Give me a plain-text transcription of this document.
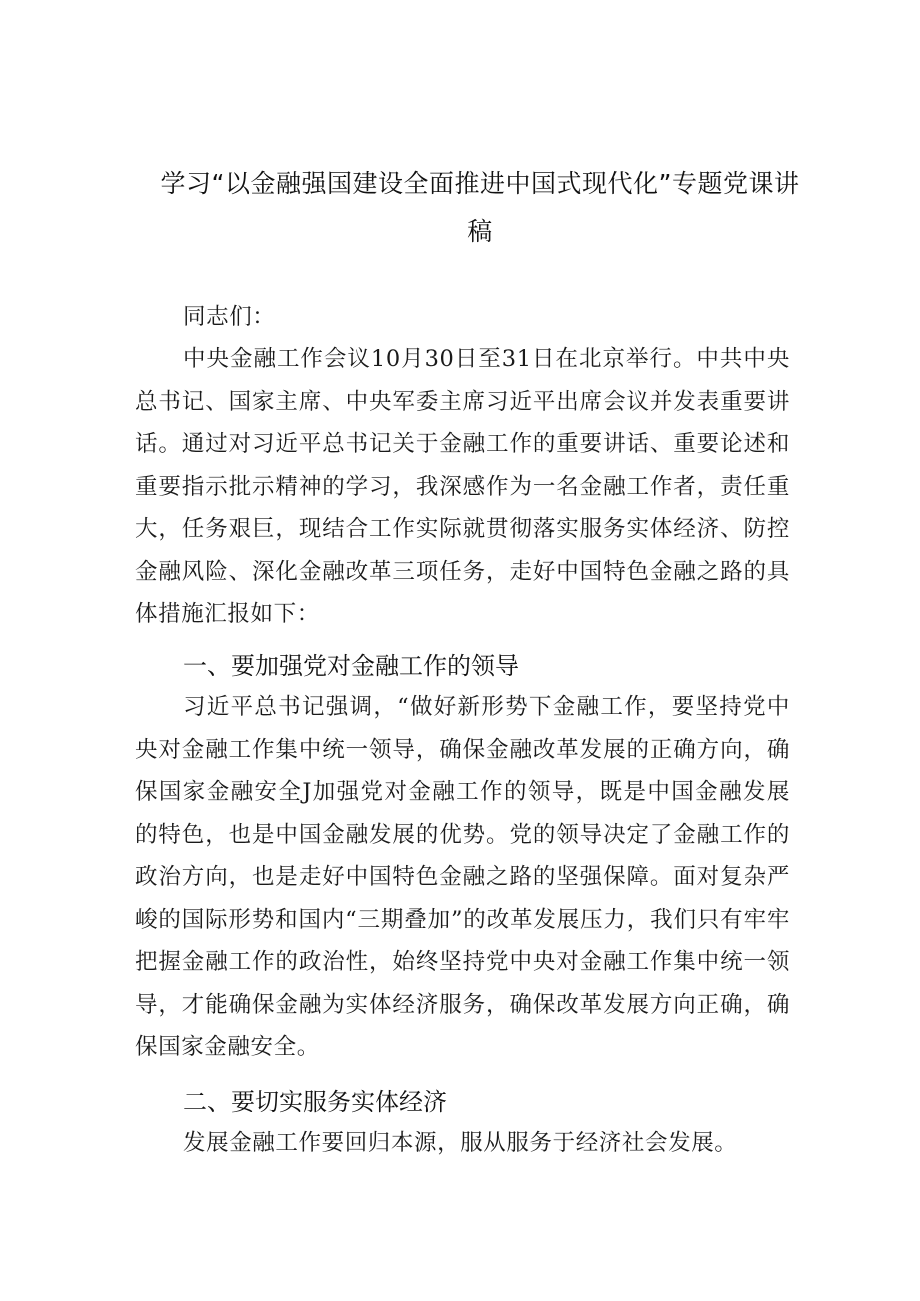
学习“以金融强国建设全面推进中国式现代化”专题党课讲稿
同志们：
中央金融工作会议10月30日至31日在北京举行。中共中央总书记、国家主席、中央军委主席习近平出席会议并发表重要讲话。通过对习近平总书记关于金融工作的重要讲话、重要论述和重要指示批示精神的学习，我深感作为一名金融工作者，责任重大，任务艰巨，现结合工作实际就贯彻落实服务实体经济、防控金融风险、深化金融改革三项任务，走好中国特色金融之路的具体措施汇报如下：
一、要加强党对金融工作的领导
习近平总书记强调，“做好新形势下金融工作，要坚持党中央对金融工作集中统一领导，确保金融改革发展的正确方向，确保国家金融安全J加强党对金融工作的领导，既是中国金融发展的特色，也是中国金融发展的优势。党的领导决定了金融工作的政治方向，也是走好中国特色金融之路的坚强保障。面对复杂严峻的国际形势和国内“三期叠加”的改革发展压力，我们只有牢牢把握金融工作的政治性，始终坚持党中央对金融工作集中统一领导，才能确保金融为实体经济服务，确保改革发展方向正确，确保国家金融安全。
二、要切实服务实体经济
发展金融工作要回归本源，服从服务于经济社会发展。
